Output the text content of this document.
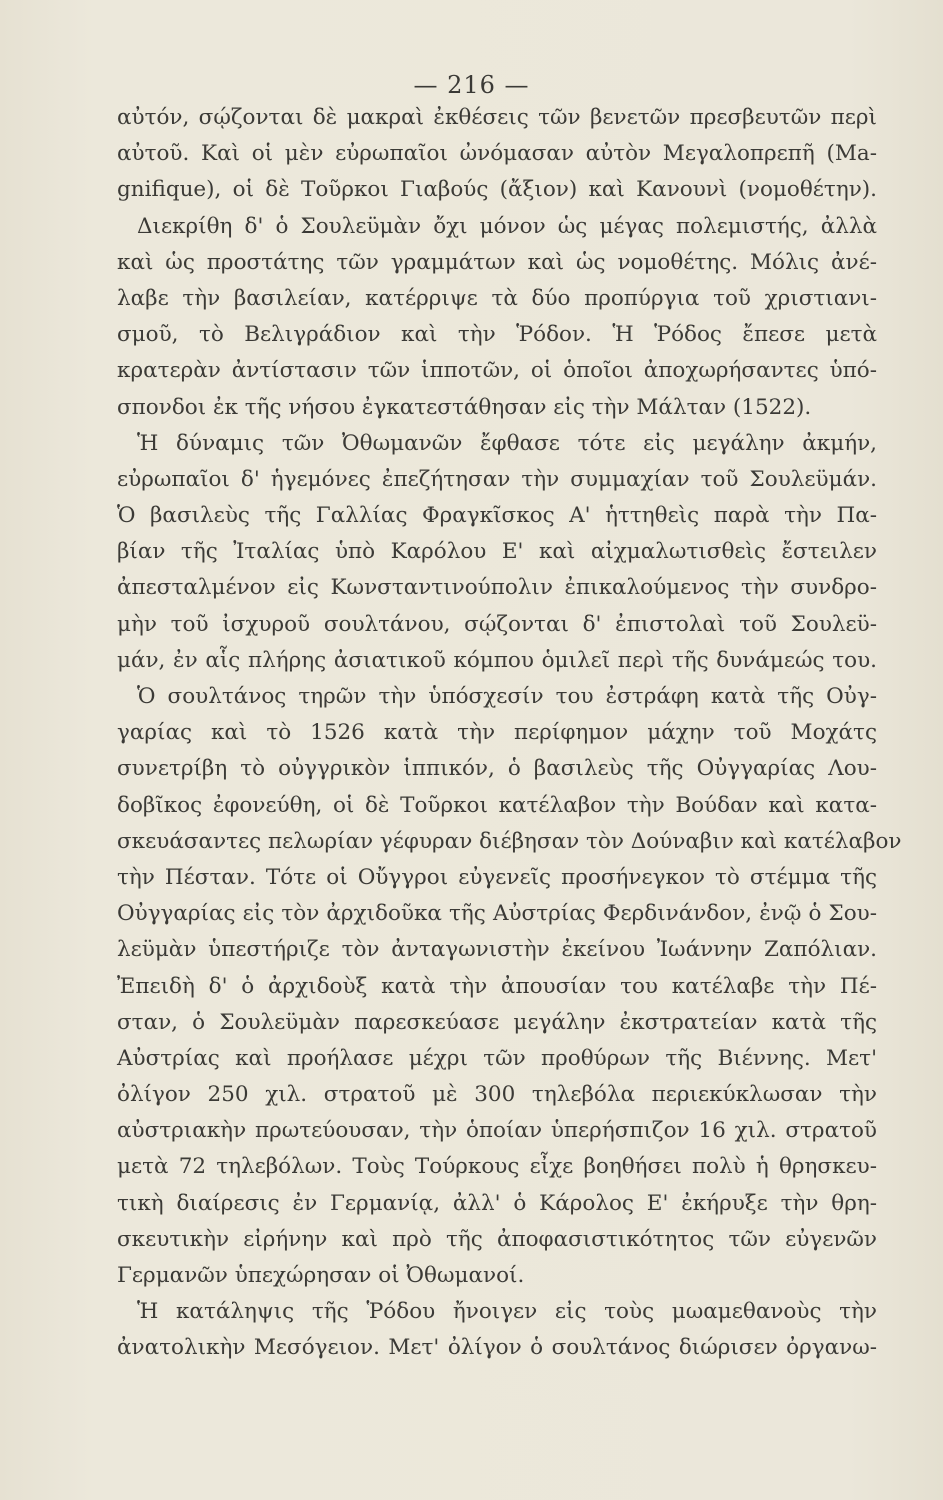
— 216 —
αὐτόν, σῴζονται δὲ μακραὶ ἐκθέσεις τῶν βενετῶν πρεσβευτῶν περὶ
αὐτοῦ. Καὶ οἱ μὲν εὐρωπαῖοι ὠνόμασαν αὐτὸν Μεγαλοπρεπῆ (Ma-
gnifique), οἱ δὲ Τοῦρκοι Γιαβούς (ἄξιον) καὶ Κανουνὶ (νομοθέτην).
Διεκρίθη δ' ὁ Σουλεϋμὰν ὄχι μόνον ὡς μέγας πολεμιστής, ἀλλὰ
καὶ ὡς προστάτης τῶν γραμμάτων καὶ ὡς νομοθέτης. Μόλις ἀνέ-
λαβε τὴν βασιλείαν, κατέρριψε τὰ δύο προπύργια τοῦ χριστιανι-
σμοῦ, τὸ Βελιγράδιον καὶ τὴν Ῥόδον. Ἡ Ῥόδος ἔπεσε μετὰ
κρατερὰν ἀντίστασιν τῶν ἱπποτῶν, οἱ ὁποῖοι ἀποχωρήσαντες ὑπό-
σπονδοι ἐκ τῆς νήσου ἐγκατεστάθησαν εἰς τὴν Μάλταν (1522).
Ἡ δύναμις τῶν Ὀθωμανῶν ἔφθασε τότε εἰς μεγάλην ἀκμήν,
εὐρωπαῖοι δ' ἡγεμόνες ἐπεζήτησαν τὴν συμμαχίαν τοῦ Σουλεϋμάν.
Ὁ βασιλεὺς τῆς Γαλλίας Φραγκῖσκος Α' ἡττηθεὶς παρὰ τὴν Πα-
βίαν τῆς Ἰταλίας ὑπὸ Καρόλου Ε' καὶ αἰχμαλωτισθεὶς ἔστειλεν
ἀπεσταλμένον εἰς Κωνσταντινούπολιν ἐπικαλούμενος τὴν συνδρο-
μὴν τοῦ ἰσχυροῦ σουλτάνου, σῴζονται δ' ἐπιστολαὶ τοῦ Σουλεϋ-
μάν, ἐν αἷς πλήρης ἀσιατικοῦ κόμπου ὁμιλεῖ περὶ τῆς δυνάμεώς του.
Ὁ σουλτάνος τηρῶν τὴν ὑπόσχεσίν του ἐστράφη κατὰ τῆς Οὐγ-
γαρίας καὶ τὸ 1526 κατὰ τὴν περίφημον μάχην τοῦ Μοχάτς
συνετρίβη τὸ οὐγγρικὸν ἱππικόν, ὁ βασιλεὺς τῆς Οὐγγαρίας Λου-
δοβῖκος ἐφονεύθη, οἱ δὲ Τοῦρκοι κατέλαβον τὴν Βούδαν καὶ κατα-
σκευάσαντες πελωρίαν γέφυραν διέβησαν τὸν Δούναβιν καὶ κατέλαβον
τὴν Πέσταν. Τότε οἱ Οὔγγροι εὐγενεῖς προσήνεγκον τὸ στέμμα τῆς
Οὐγγαρίας εἰς τὸν ἀρχιδοῦκα τῆς Αὐστρίας Φερδινάνδον, ἐνῷ ὁ Σου-
λεϋμὰν ὑπεστήριζε τὸν ἀνταγωνιστὴν ἐκείνου Ἰωάννην Ζαπόλιαν.
Ἐπειδὴ δ' ὁ ἀρχιδοὺξ κατὰ τὴν ἀπουσίαν του κατέλαβε τὴν Πέ-
σταν, ὁ Σουλεϋμὰν παρεσκεύασε μεγάλην ἐκστρατείαν κατὰ τῆς
Αὐστρίας καὶ προήλασε μέχρι τῶν προθύρων τῆς Βιέννης. Μετ'
ὀλίγον 250 χιλ. στρατοῦ μὲ 300 τηλεβόλα περιεκύκλωσαν τὴν
αὐστριακὴν πρωτεύουσαν, τὴν ὁποίαν ὑπερήσπιζον 16 χιλ. στρατοῦ
μετὰ 72 τηλεβόλων. Τοὺς Τούρκους εἶχε βοηθήσει πολὺ ἡ θρησκευ-
τικὴ διαίρεσις ἐν Γερμανίᾳ, ἀλλ' ὁ Κάρολος Ε' ἐκήρυξε τὴν θρη-
σκευτικὴν εἰρήνην καὶ πρὸ τῆς ἀποφασιστικότητος τῶν εὐγενῶν
Γερμανῶν ὑπεχώρησαν οἱ Ὀθωμανοί.
Ἡ κατάληψις τῆς Ῥόδου ἤνοιγεν εἰς τοὺς μωαμεθανοὺς τὴν
ἀνατολικὴν Μεσόγειον. Μετ' ὀλίγον ὁ σουλτάνος διώρισεν ὀργανω-
